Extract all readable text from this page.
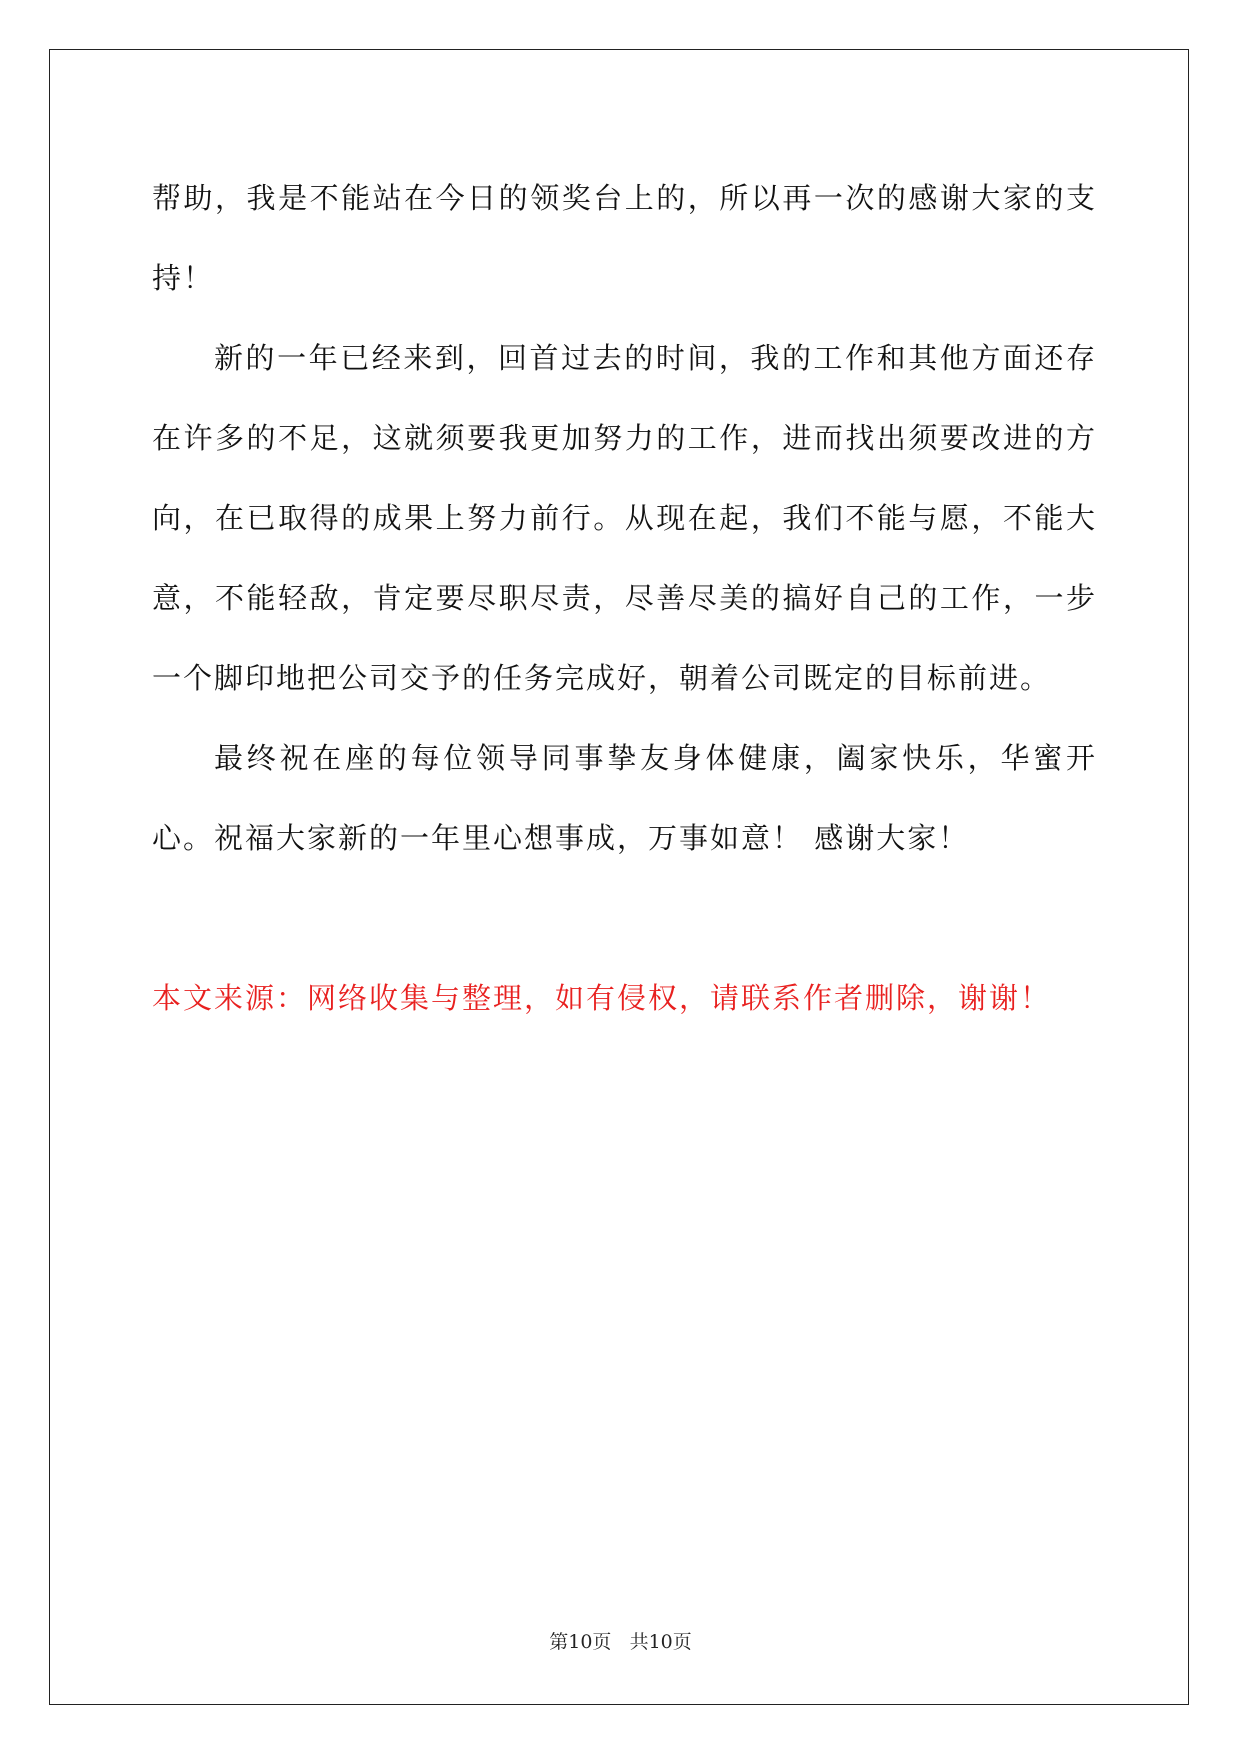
帮助，我是不能站在今日的领奖台上的，所以再一次的感谢大家的支持！

新的一年已经来到，回首过去的时间，我的工作和其他方面还存在许多的不足，这就须要我更加努力的工作，进而找出须要改进的方向，在已取得的成果上努力前行。从现在起，我们不能与愿，不能大意，不能轻敌，肯定要尽职尽责，尽善尽美的搞好自己的工作，一步一个脚印地把公司交予的任务完成好，朝着公司既定的目标前进。

最终祝在座的每位领导同事挚友身体健康，阖家快乐，华蜜开心。祝福大家新的一年里心想事成，万事如意！ 感谢大家！

本文来源：网络收集与整理，如有侵权，请联系作者删除，谢谢！
第10页 共10页
